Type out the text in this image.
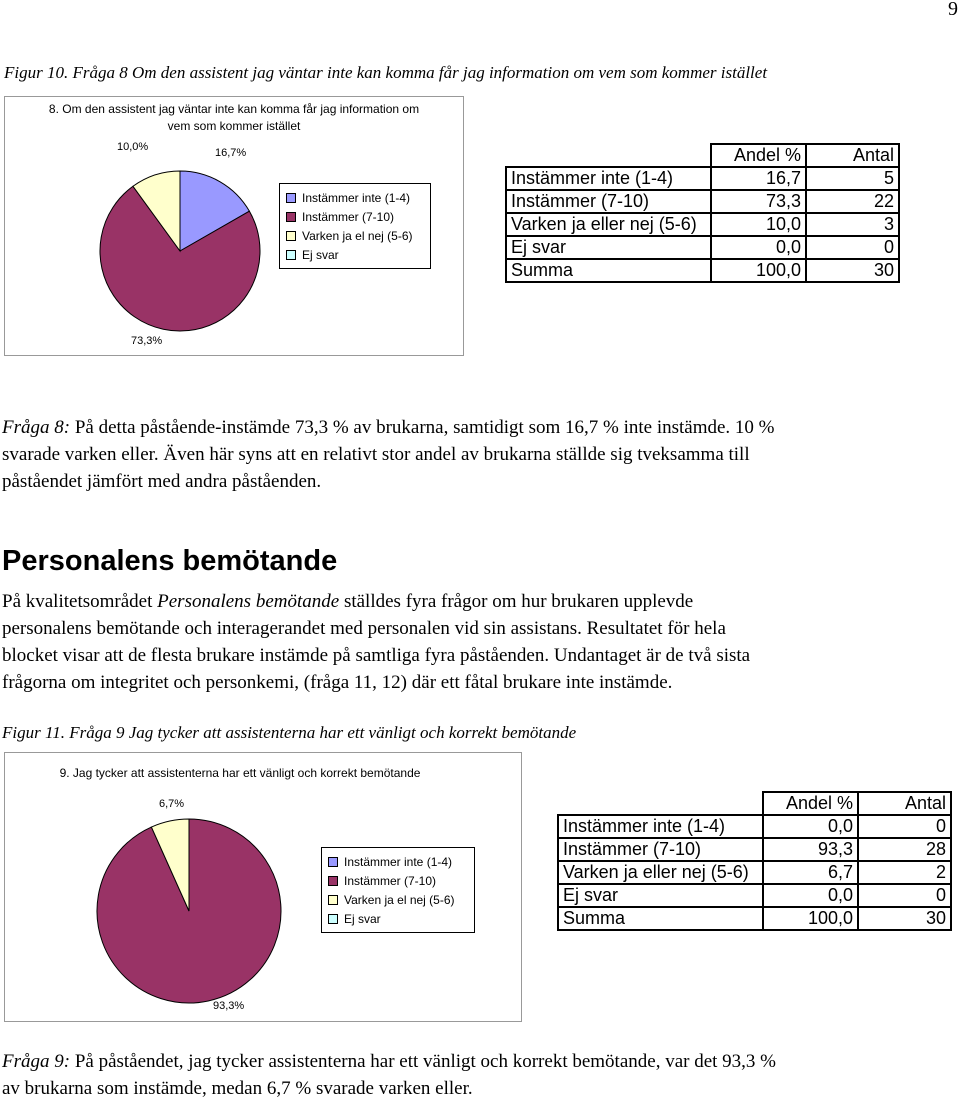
9
Figur 10. Fråga 8 Om den assistent jag väntar inte kan komma får jag information om vem som kommer istället
8. Om den assistent jag väntar inte kan komma får jag information om
vem som kommer istället
16,7%
73,3%
10,0%
Instämmer inte (1-4)
Instämmer (7-10)
Varken ja el nej (5-6)
Ej svar
	Andel %	Antal
Instämmer inte (1-4)	16,7	5
Instämmer (7-10)	73,3	22
Varken ja eller nej (5-6)	10,0	3
Ej svar	0,0	0
Summa	100,0	30
Fråga 8: På detta påstående-instämde 73,3 % av brukarna, samtidigt som 16,7 % inte instämde. 10 %
svarade varken eller. Även här syns att en relativt stor andel av brukarna ställde sig tveksamma till
påståendet jämfört med andra påståenden.
Personalens bemötande
På kvalitetsområdet Personalens bemötande ställdes fyra frågor om hur brukaren upplevde
personalens bemötande och interagerandet med personalen vid sin assistans. Resultatet för hela
blocket visar att de flesta brukare instämde på samtliga fyra påståenden. Undantaget är de två sista
frågorna om integritet och personkemi, (fråga 11, 12) där ett fåtal brukare inte instämde.
Figur 11. Fråga 9 Jag tycker att assistenterna har ett vänligt och korrekt bemötande
9. Jag tycker att assistenterna har ett vänligt och korrekt bemötande
6,7%
93,3%
Instämmer inte (1-4)
Instämmer (7-10)
Varken ja el nej (5-6)
Ej svar
	Andel %	Antal
Instämmer inte (1-4)	0,0	0
Instämmer (7-10)	93,3	28
Varken ja eller nej (5-6)	6,7	2
Ej svar	0,0	0
Summa	100,0	30
Fråga 9: På påståendet, jag tycker assistenterna har ett vänligt och korrekt bemötande, var det 93,3 %
av brukarna som instämde, medan 6,7 % svarade varken eller.
